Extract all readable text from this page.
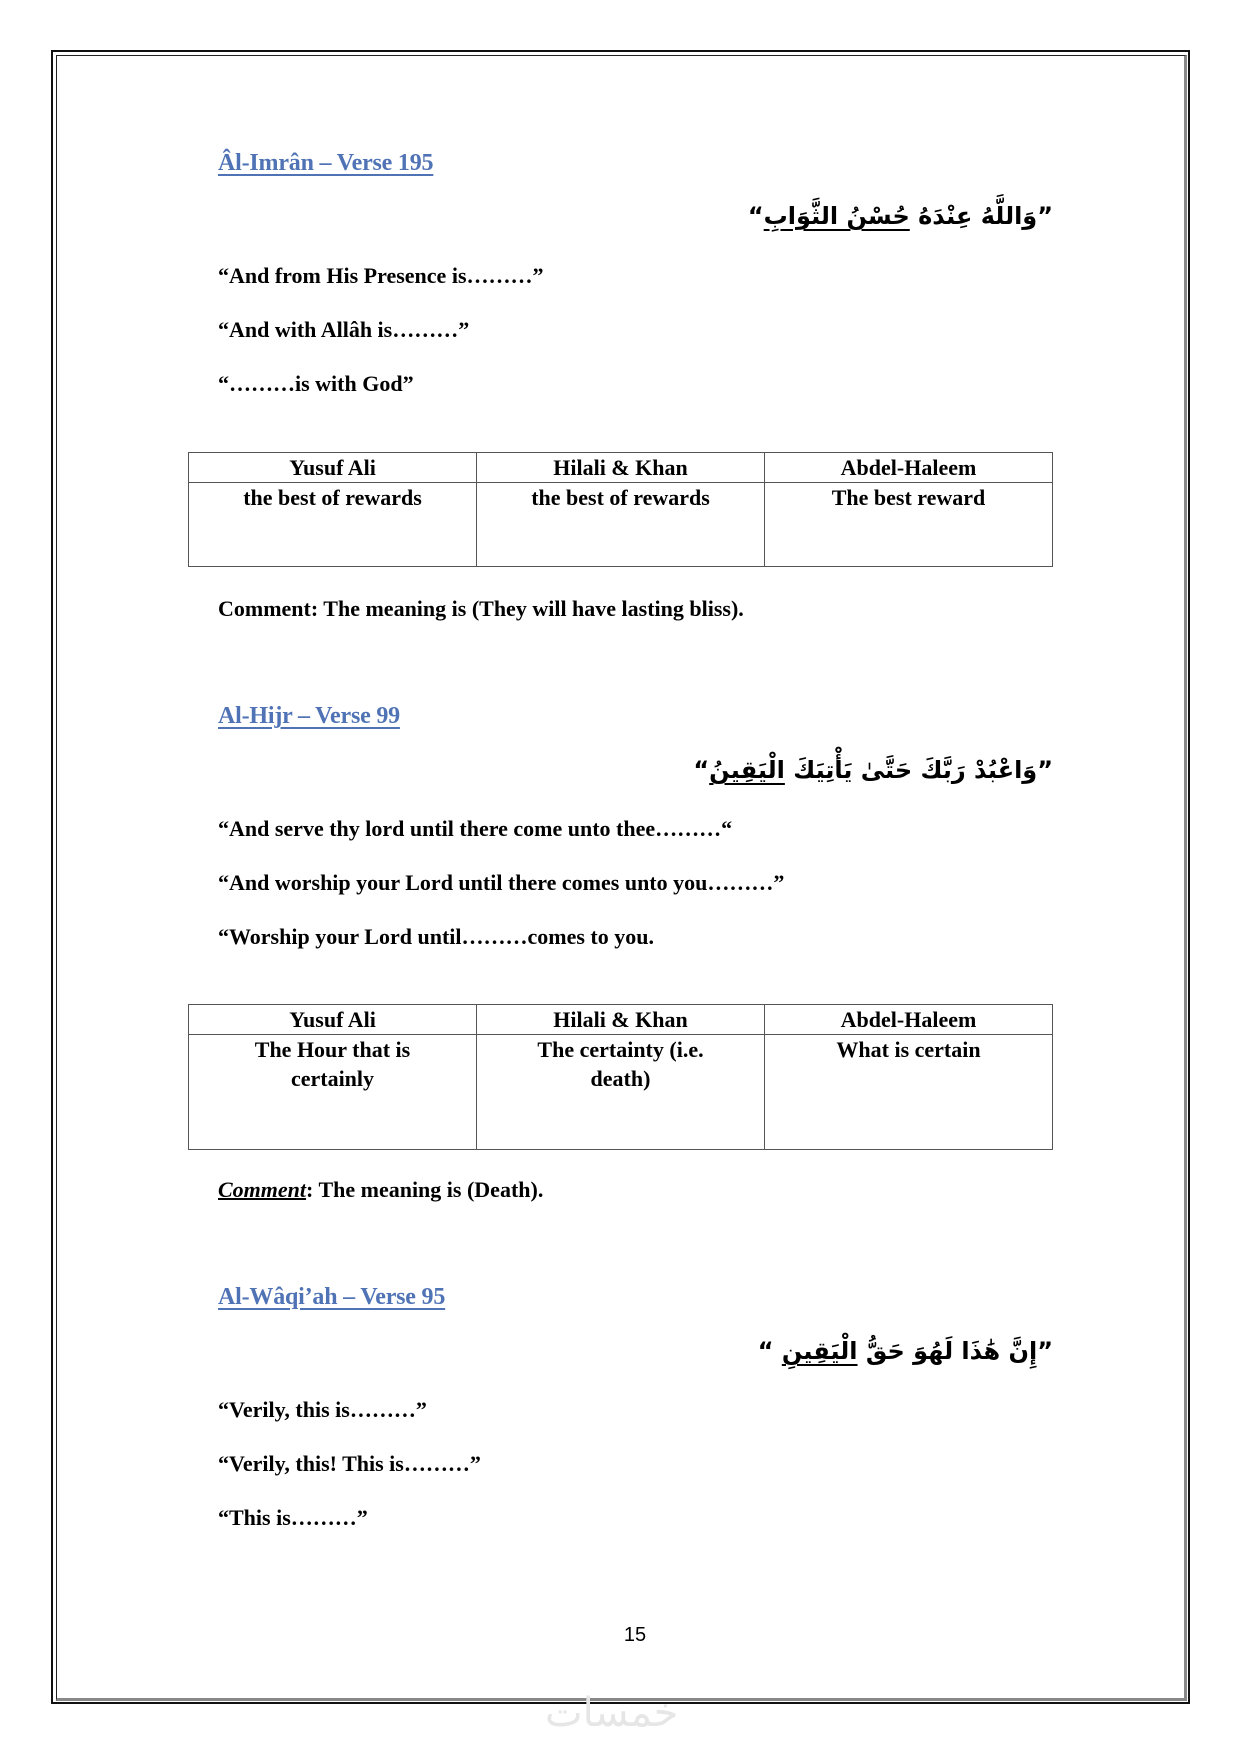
Âl-Imrân – Verse 195
”وَاللَّهُ عِنْدَهُ حُسْنُ الثَّوَابِ“
“And from His Presence is………”
“And with Allâh is………”
“………is with God”
Yusuf Ali	Hilali & Khan	Abdel-Haleem
the best of rewards	the best of rewards	The best reward
Comment: The meaning is (They will have lasting bliss).
Al-Hijr – Verse 99
”وَاعْبُدْ رَبَّكَ حَتَّىٰ يَأْتِيَكَ الْيَقِينُ“
“And serve thy lord until there come unto thee………“
“And worship your Lord until there comes unto you………”
“Worship your Lord until………comes to you.
Yusuf Ali	Hilali & Khan	Abdel-Haleem
The Hour that is certainly	The certainty (i.e. death)	What is certain
Comment: The meaning is (Death).
Al-Wâqi’ah – Verse 95
”إِنَّ هَٰذَا لَهُوَ حَقُّ الْيَقِينِ “
“Verily, this is………”
“Verily, this! This is………”
“This is………”
15
خمسات
